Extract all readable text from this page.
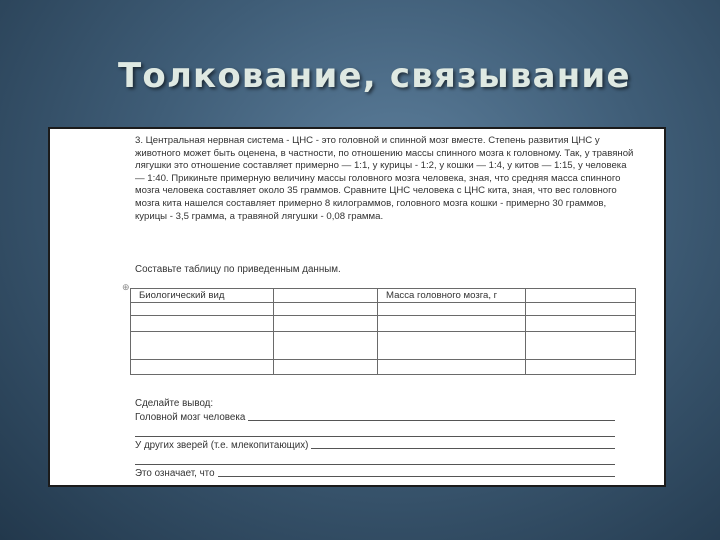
Толкование, связывание
3. Центральная нервная система - ЦНС - это головной и спинной мозг вместе. Степень развития ЦНС у животного может быть оценена, в частности, по отношению массы спинного мозга к головному. Так, у травяной лягушки это отношение составляет примерно — 1:1, у курицы - 1:2, у кошки — 1:4, у китов — 1:15, у человека — 1:40. Прикиньте примерную величину массы головного мозга человека, зная, что средняя масса спинного мозга человека составляет около 35 граммов. Сравните ЦНС человека с ЦНС кита, зная, что вес головного мозга кита нашелся составляет примерно 8 килограммов, головного мозга кошки - примерно 30 граммов, курицы - 3,5 грамма, а травяной лягушки - 0,08 грамма.
Составьте таблицу по приведенным данным.
⊕
Биологический вид		Масса головного мозга, г	

Сделайте вывод:
Головной мозг человека
У других зверей (т.е. млекопитающих)
Это означает, что
